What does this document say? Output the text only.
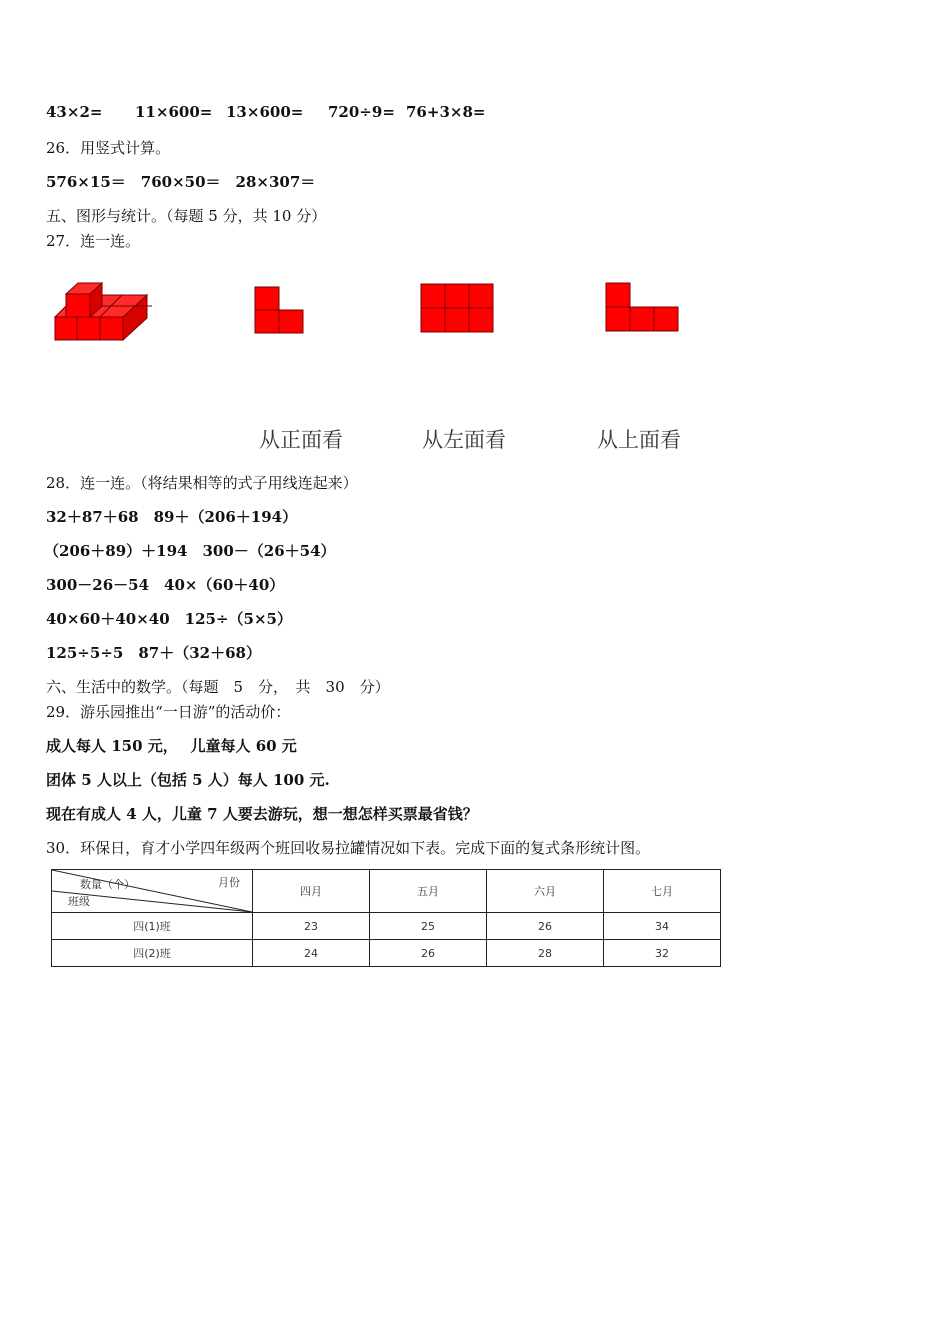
43×2= 11×600= 13×600= 720÷9= 76+3×8=
26．用竖式计算。
576×15＝　760×50＝　28×307＝
五、图形与统计。（每题 5 分，共 10 分）
27．连一连。
从正面看	从左面看	从上面看
28．连一连。（将结果相等的式子用线连起来）
32＋87＋68　89＋（206＋194）
（206＋89）＋194　300－（26＋54）
300－26－54　40×（60＋40）
40×60＋40×40　125÷（5×5）
125÷5÷5　87＋（32＋68）
六、生活中的数学。（每题　5　分，　共　30　分）
29．游乐园推出“一日游”的活动价：
成人每人 150 元，　 儿童每人 60 元
团体 5 人以上（包括 5 人）每人 100 元.
现在有成人 4 人，儿童 7 人要去游玩，想一想怎样买票最省钱？
30．环保日，育才小学四年级两个班回收易拉罐情况如下表。完成下面的复式条形统计图。
数量（个） 月份
班级	四月	五月	六月	七月
四(1)班	23	25	26	34
四(2)班	24	26	28	32
